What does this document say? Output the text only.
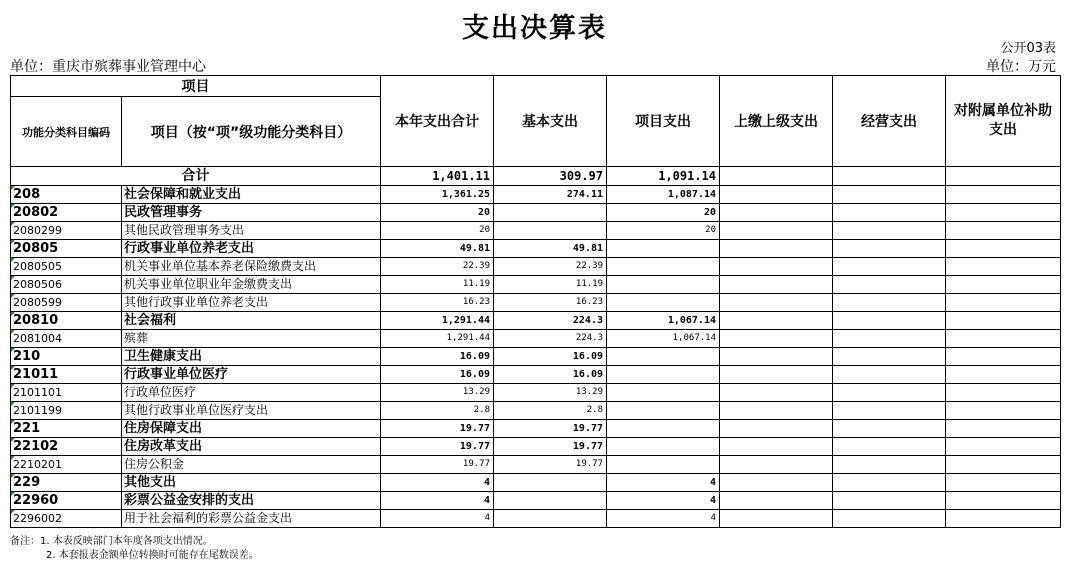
支出决算表
公开03表
单位：重庆市殡葬事业管理中心	单位：万元
项目		本年支出合计	基本支出	项目支出	上缴上级支出	经营支出	对附属单位补助支出
功能分类科目编码	项目（按“项”级功能分类科目）						
合计		1,401.11	309.97	1,091.14			
208	社会保障和就业支出	1,361.25	274.11	1,087.14			
20802	民政管理事务	20		20			
2080299	其他民政管理事务支出	20		20			
20805	行政事业单位养老支出	49.81	49.81				
2080505	机关事业单位基本养老保险缴费支出	22.39	22.39				
2080506	机关事业单位职业年金缴费支出	11.19	11.19				
2080599	其他行政事业单位养老支出	16.23	16.23				
20810	社会福利	1,291.44	224.3	1,067.14			
2081004	殡葬	1,291.44	224.3	1,067.14			
210	卫生健康支出	16.09	16.09				
21011	行政事业单位医疗	16.09	16.09				
2101101	行政单位医疗	13.29	13.29				
2101199	其他行政事业单位医疗支出	2.8	2.8				
221	住房保障支出	19.77	19.77				
22102	住房改革支出	19.77	19.77				
2210201	住房公积金	19.77	19.77				
229	其他支出	4		4			
22960	彩票公益金安排的支出	4		4			
2296002	用于社会福利的彩票公益金支出	4		4			
备注：1. 本表反映部门本年度各项支出情况。
2. 本套报表金额单位转换时可能存在尾数误差。
